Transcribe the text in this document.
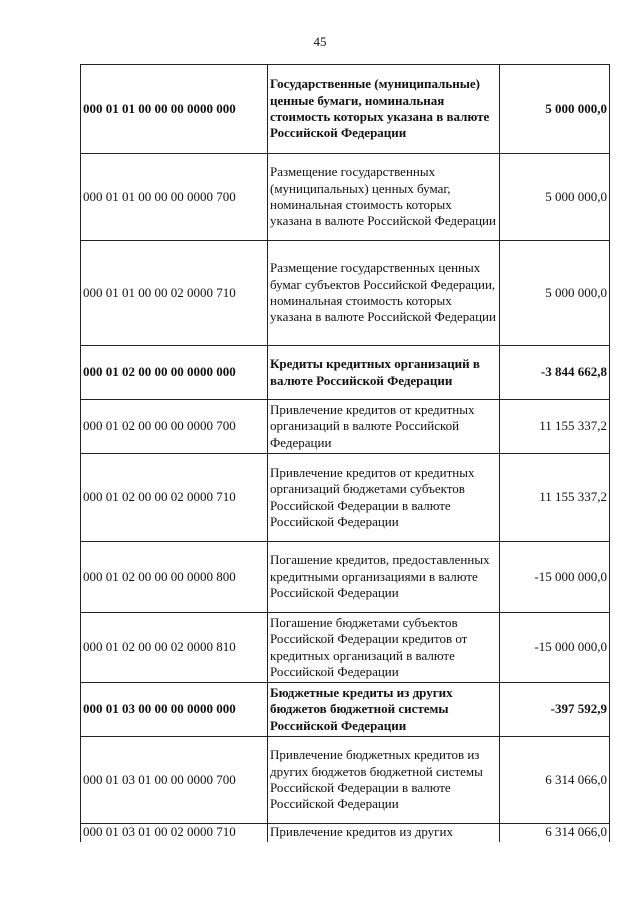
45
000 01 01 00 00 00 0000 000	Государственные (муниципальные) ценные бумаги, номинальная стоимость которых указана в валюте Российской Федерации	5 000 000,0
000 01 01 00 00 00 0000 700	Размещение государственных (муниципальных) ценных бумаг, номинальная стоимость которых указана в валюте Российской Федерации	5 000 000,0
000 01 01 00 00 02 0000 710	Размещение государственных ценных бумаг субъектов Российской Федерации, номинальная стоимость которых указана в валюте Российской Федерации	5 000 000,0
000 01 02 00 00 00 0000 000	Кредиты кредитных организаций в валюте Российской Федерации	-3 844 662,8
000 01 02 00 00 00 0000 700	Привлечение кредитов от кредитных организаций в валюте Российской Федерации	11 155 337,2
000 01 02 00 00 02 0000 710	Привлечение кредитов от кредитных организаций бюджетами субъектов Российской Федерации в валюте Российской Федерации	11 155 337,2
000 01 02 00 00 00 0000 800	Погашение кредитов, предоставленных кредитными организациями в валюте Российской Федерации	-15 000 000,0
000 01 02 00 00 02 0000 810	Погашение бюджетами субъектов Российской Федерации кредитов от кредитных организаций в валюте Российской Федерации	-15 000 000,0
000 01 03 00 00 00 0000 000	Бюджетные кредиты из других бюджетов бюджетной системы Российской Федерации	-397 592,9
000 01 03 01 00 00 0000 700	Привлечение бюджетных кредитов из других бюджетов бюджетной системы Российской Федерации в валюте Российской Федерации	6 314 066,0
000 01 03 01 00 02 0000 710	Привлечение кредитов из других	6 314 066,0
